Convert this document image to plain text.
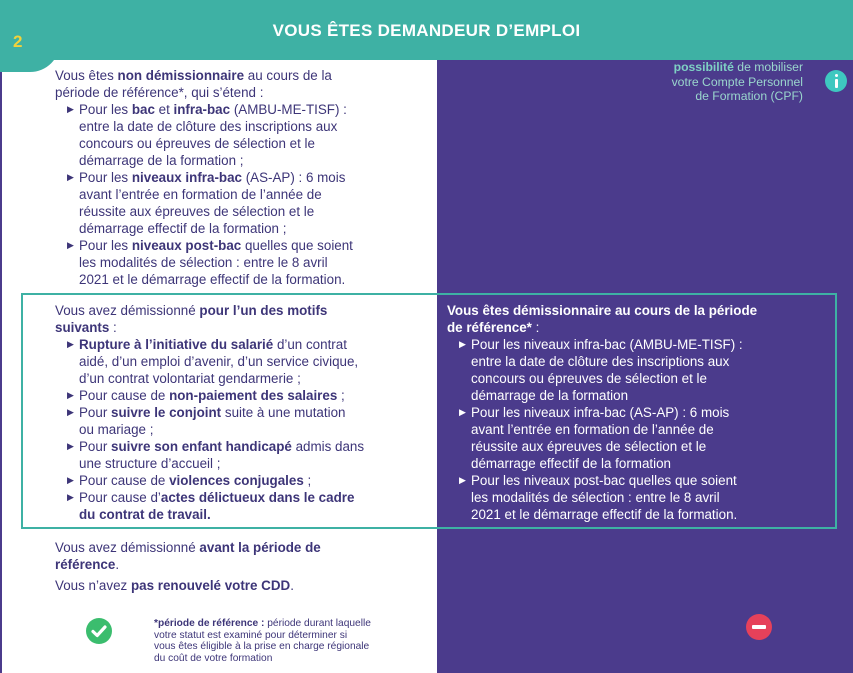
VOUS ÊTES DEMANDEUR D’EMPLOI
2
possibilité de mobiliser
votre Compte Personnel
de Formation (CPF)
Vous êtes non démissionnaire au cours de la
période de référence*, qui s’étend :
▶ Pour les bac et infra-bac (AMBU-ME-TISF) :
entre la date de clôture des inscriptions aux
concours ou épreuves de sélection et le
démarrage de la formation ;
▶ Pour les niveaux infra-bac (AS-AP) : 6 mois
avant l’entrée en formation de l’année de
réussite aux épreuves de sélection et le
démarrage effectif de la formation ;
▶ Pour les niveaux post-bac quelles que soient
les modalités de sélection : entre le 8 avril
2021 et le démarrage effectif de la formation.
Vous avez démissionné pour l’un des motifs
suivants :
▶ Rupture à l’initiative du salarié d’un contrat
aidé, d’un emploi d’avenir, d’un service civique,
d’un contrat volontariat gendarmerie ;
▶ Pour cause de non-paiement des salaires ;
▶ Pour suivre le conjoint suite à une mutation
ou mariage ;
▶ Pour suivre son enfant handicapé admis dans
une structure d’accueil ;
▶ Pour cause de violences conjugales ;
▶ Pour cause d’actes délictueux dans le cadre
du contrat de travail.
Vous êtes démissionnaire au cours de la période
de référence* :
▶ Pour les niveaux infra-bac (AMBU-ME-TISF) :
entre la date de clôture des inscriptions aux
concours ou épreuves de sélection et le
démarrage de la formation
▶ Pour les niveaux infra-bac (AS-AP) : 6 mois
avant l’entrée en formation de l’année de
réussite aux épreuves de sélection et le
démarrage effectif de la formation
▶ Pour les niveaux post-bac quelles que soient
les modalités de sélection : entre le 8 avril
2021 et le démarrage effectif de la formation.
Vous avez démissionné avant la période de
référence.
Vous n’avez pas renouvelé votre CDD.
*période de référence : période durant laquelle
votre statut est examiné pour déterminer si
vous êtes éligible à la prise en charge régionale
du coût de votre formation
